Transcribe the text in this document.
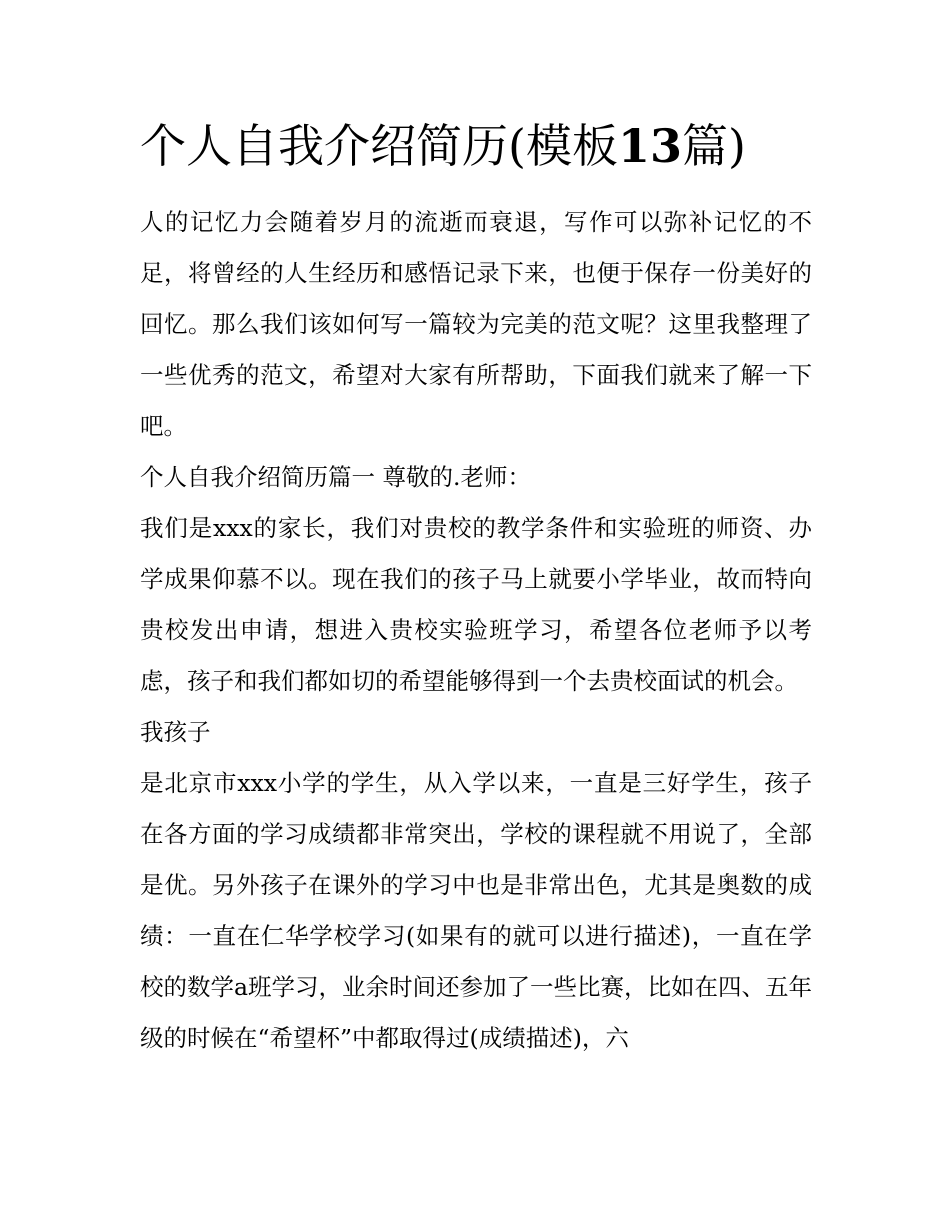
个人自我介绍简历(模板13篇)

人的记忆力会随着岁月的流逝而衰退，写作可以弥补记忆的不足，将曾经的人生经历和感悟记录下来，也便于保存一份美好的回忆。那么我们该如何写一篇较为完美的范文呢？这里我整理了一些优秀的范文，希望对大家有所帮助，下面我们就来了解一下吧。

个人自我介绍简历篇一 尊敬的.老师：

我们是xxx的家长，我们对贵校的教学条件和实验班的师资、办学成果仰慕不以。现在我们的孩子马上就要小学毕业，故而特向贵校发出申请，想进入贵校实验班学习，希望各位老师予以考虑，孩子和我们都如切的希望能够得到一个去贵校面试的机会。

我孩子

是北京市xxx小学的学生，从入学以来，一直是三好学生，孩子在各方面的学习成绩都非常突出，学校的课程就不用说了，全部是优。另外孩子在课外的学习中也是非常出色，尤其是奥数的成绩：一直在仁华学校学习(如果有的就可以进行描述)，一直在学校的数学a班学习，业余时间还参加了一些比赛，比如在四、五年级的时候在“希望杯”中都取得过(成绩描述)，六
